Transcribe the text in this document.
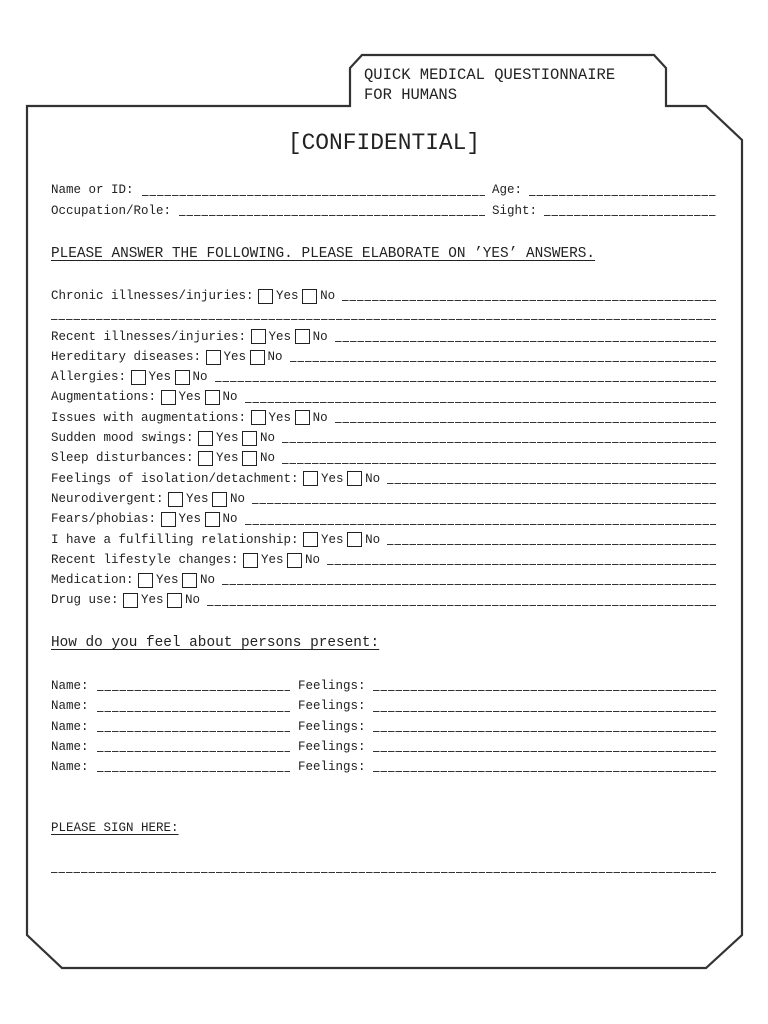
QUICK MEDICAL QUESTIONNAIRE
FOR HUMANS
[CONFIDENTIAL]
Name or ID:	Age:
Occupation/Role:	Sight:
PLEASE ANSWER THE FOLLOWING. PLEASE ELABORATE ON ’YES’ ANSWERS.
Chronic illnesses/injuries: Yes No
Recent illnesses/injuries: Yes No
Hereditary diseases: Yes No
Allergies: Yes No
Augmentations: Yes No
Issues with augmentations: Yes No
Sudden mood swings: Yes No
Sleep disturbances: Yes No
Feelings of isolation/detachment: Yes No
Neurodivergent: Yes No
Fears/phobias: Yes No
I have a fulfilling relationship: Yes No
Recent lifestyle changes: Yes No
Medication: Yes No
Drug use: Yes No
How do you feel about persons present:
Name:	Feelings:
Name:	Feelings:
Name:	Feelings:
Name:	Feelings:
Name:	Feelings:
PLEASE SIGN HERE:
